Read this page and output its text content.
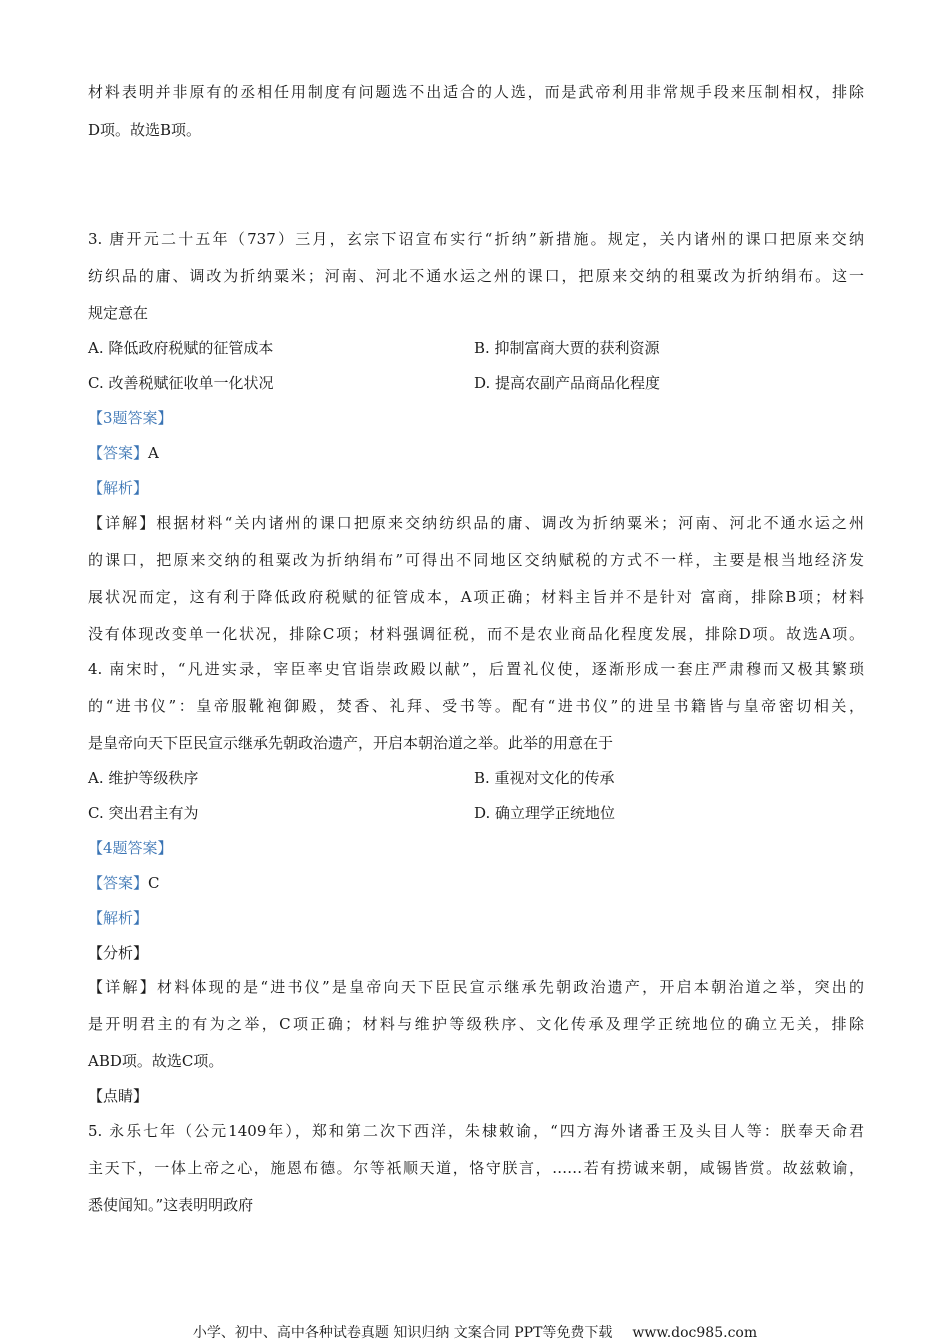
材料表明并非原有的丞相任用制度有问题选不出适合的人选，而是武帝利用非常规手段来压制相权，排除
D项。故选B项。
3. 唐开元二十五年（737）三月，玄宗下诏宣布实行“折纳”新措施。规定，关内诸州的课口把原来交纳
纺织品的庸、调改为折纳粟米；河南、河北不通水运之州的课口，把原来交纳的租粟改为折纳绢布。这一
规定意在
A. 降低政府税赋的征管成本	B. 抑制富商大贾的获利资源
C. 改善税赋征收单一化状况	D. 提高农副产品商品化程度
【3题答案】
【答案】A
【解析】
【详解】根据材料“关内诸州的课口把原来交纳纺织品的庸、调改为折纳粟米；河南、河北不通水运之州
的课口，把原来交纳的租粟改为折纳绢布”可得出不同地区交纳赋税的方式不一样，主要是根当地经济发
展状况而定，这有利于降低政府税赋的征管成本，A项正确；材料主旨并不是针对 富商，排除B项；材料
没有体现改变单一化状况，排除C项；材料强调征税，而不是农业商品化程度发展，排除D项。故选A项。
4. 南宋时，“凡进实录，宰臣率史官诣崇政殿以献”，后置礼仪使，逐渐形成一套庄严肃穆而又极其繁琐
的“进书仪”：皇帝服靴袍御殿，焚香、礼拜、受书等。配有“进书仪”的进呈书籍皆与皇帝密切相关，
是皇帝向天下臣民宣示继承先朝政治遗产，开启本朝治道之举。此举的用意在于
A. 维护等级秩序	B. 重视对文化的传承
C. 突出君主有为	D. 确立理学正统地位
【4题答案】
【答案】C
【解析】
【分析】
【详解】材料体现的是“进书仪”是皇帝向天下臣民宣示继承先朝政治遗产，开启本朝治道之举，突出的
是开明君主的有为之举，C项正确；材料与维护等级秩序、文化传承及理学正统地位的确立无关，排除
ABD项。故选C项。
【点睛】
5. 永乐七年（公元1409年），郑和第二次下西洋，朱棣敕谕，“四方海外诸番王及头目人等：朕奉天命君
主天下，一体上帝之心，施恩布德。尔等祇顺天道，恪守朕言，……若有捞诚来朝，咸锡皆赏。故兹敕谕，
悉使闻知。”这表明明政府
小学、初中、高中各种试卷真题 知识归纳 文案合同 PPT等免费下载 www.doc985.com
